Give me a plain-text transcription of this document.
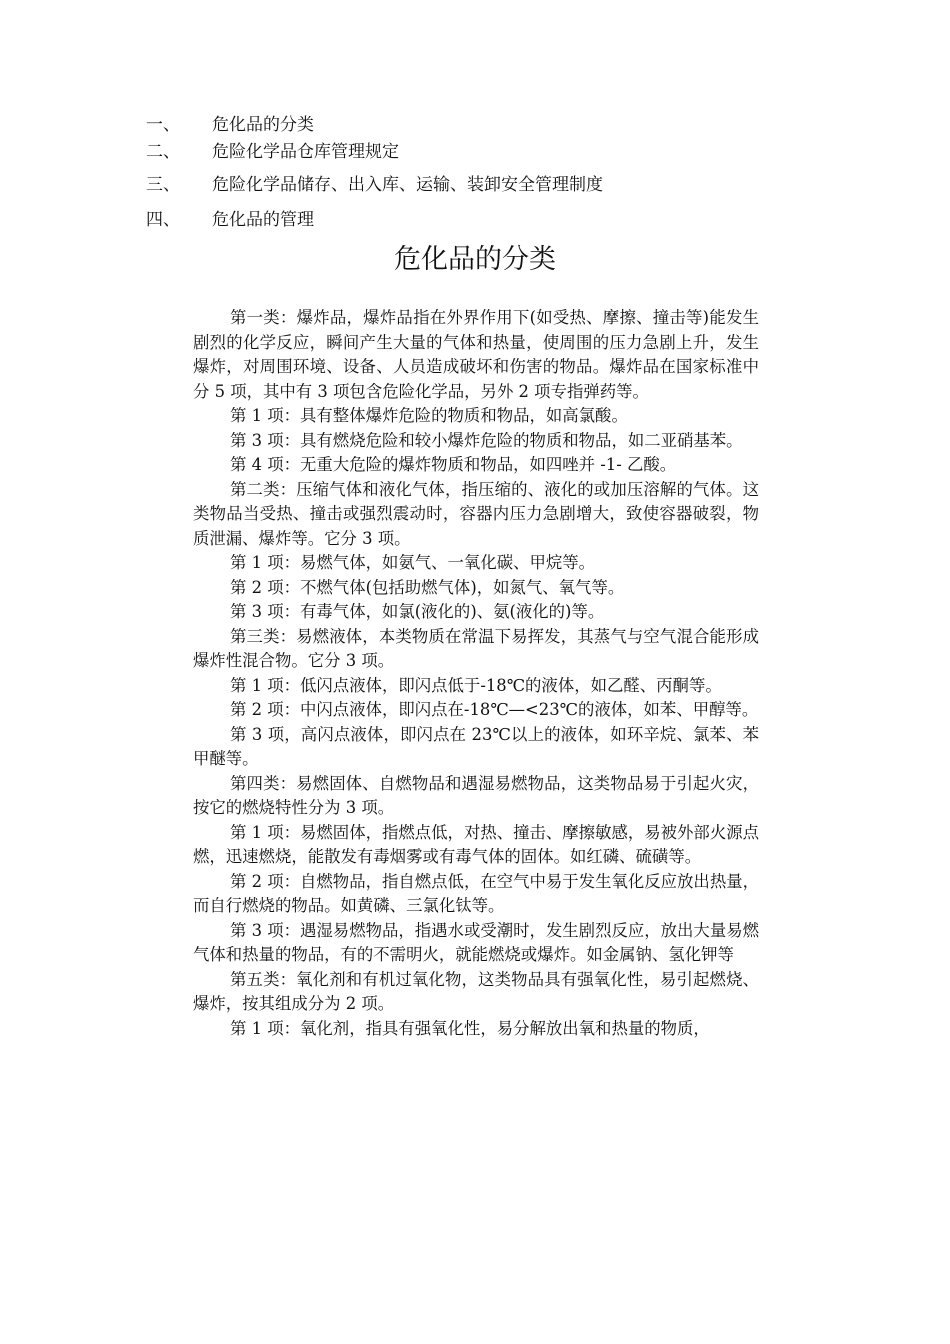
一、 危化品的分类
二、 危险化学品仓库管理规定
三、 危险化学品储存、出入库、运输、装卸安全管理制度
四、 危化品的管理
危化品的分类

第一类：爆炸品，爆炸品指在外界作用下(如受热、摩擦、撞击等)能发生剧烈的化学反应，瞬间产生大量的气体和热量，使周围的压力急剧上升，发生爆炸，对周围环境、设备、人员造成破坏和伤害的物品。爆炸品在国家标准中分 5 项，其中有 3 项包含危险化学品，另外 2 项专指弹药等。

第 1 项：具有整体爆炸危险的物质和物品，如高氯酸。

第 3 项：具有燃烧危险和较小爆炸危险的物质和物品，如二亚硝基苯。

第 4 项：无重大危险的爆炸物质和物品，如四唑并 -1- 乙酸。

第二类：压缩气体和液化气体，指压缩的、液化的或加压溶解的气体。这类物品当受热、撞击或强烈震动时，容器内压力急剧增大，致使容器破裂，物质泄漏、爆炸等。它分 3 项。

第 1 项：易燃气体，如氨气、一氧化碳、甲烷等。

第 2 项：不燃气体(包括助燃气体)，如氮气、氧气等。

第 3 项：有毒气体，如氯(液化的)、氨(液化的)等。

第三类：易燃液体，本类物质在常温下易挥发，其蒸气与空气混合能形成爆炸性混合物。它分 3 项。

第 1 项：低闪点液体，即闪点低于-18℃的液体，如乙醛、丙酮等。

第 2 项：中闪点液体，即闪点在-18℃—<23℃的液体，如苯、甲醇等。

第 3 项，高闪点液体，即闪点在 23℃以上的液体，如环辛烷、氯苯、苯甲醚等。

第四类：易燃固体、自燃物品和遇湿易燃物品，这类物品易于引起火灾，按它的燃烧特性分为 3 项。

第 1 项：易燃固体，指燃点低，对热、撞击、摩擦敏感，易被外部火源点燃，迅速燃烧，能散发有毒烟雾或有毒气体的固体。如红磷、硫磺等。

第 2 项：自燃物品，指自燃点低，在空气中易于发生氧化反应放出热量，而自行燃烧的物品。如黄磷、三氯化钛等。

第 3 项：遇湿易燃物品，指遇水或受潮时，发生剧烈反应，放出大量易燃气体和热量的物品，有的不需明火，就能燃烧或爆炸。如金属钠、氢化钾等

第五类：氧化剂和有机过氧化物，这类物品具有强氧化性，易引起燃烧、爆炸，按其组成分为 2 项。

第 1 项：氧化剂，指具有强氧化性，易分解放出氧和热量的物质，
